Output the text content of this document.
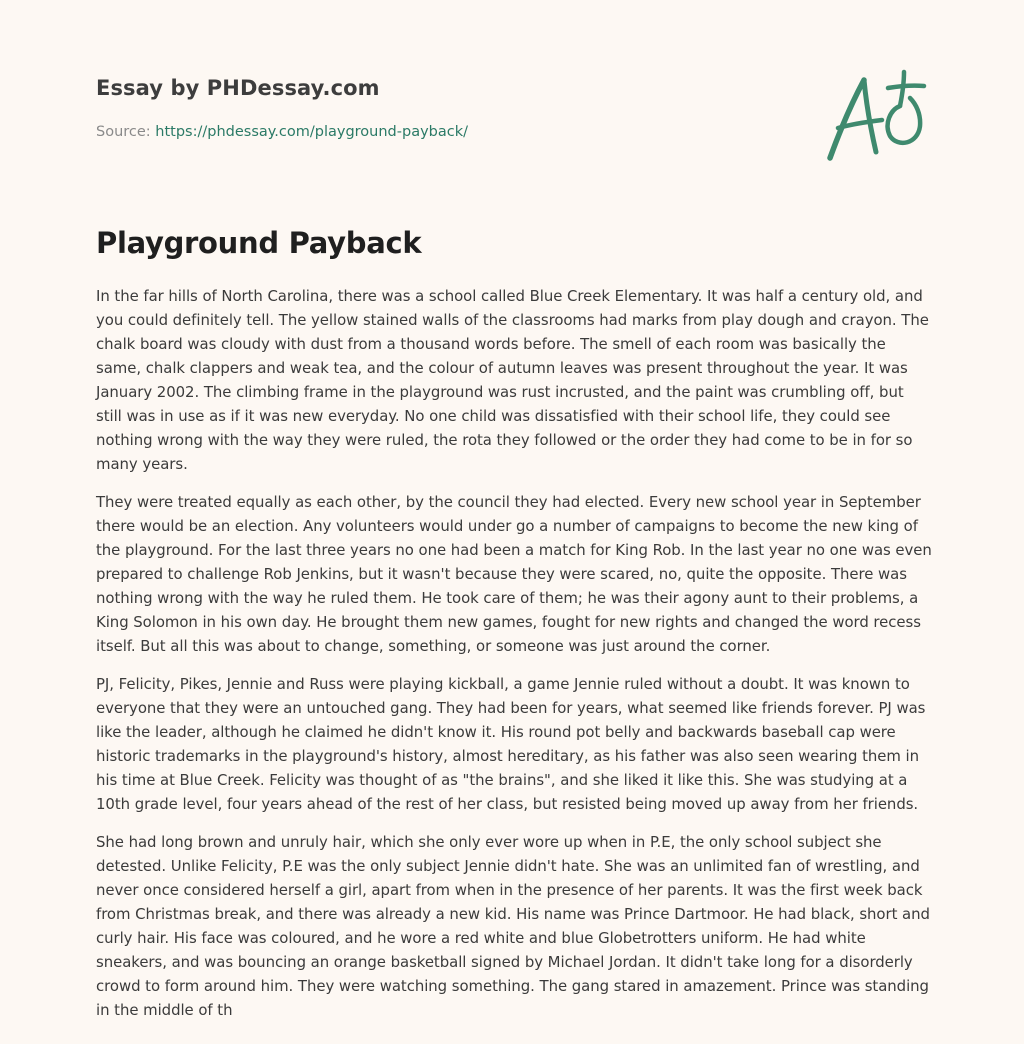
Essay by PHDessay.com

Source: https://phdessay.com/playground-payback/

Playground Payback

In the far hills of North Carolina, there was a school called Blue Creek Elementary. It was half a century old, and you could definitely tell. The yellow stained walls of the classrooms had marks from play dough and crayon. The chalk board was cloudy with dust from a thousand words before. The smell of each room was basically the same, chalk clappers and weak tea, and the colour of autumn leaves was present throughout the year. It was January 2002. The climbing frame in the playground was rust incrusted, and the paint was crumbling off, but still was in use as if it was new everyday. No one child was dissatisfied with their school life, they could see nothing wrong with the way they were ruled, the rota they followed or the order they had come to be in for so many years.

They were treated equally as each other, by the council they had elected. Every new school year in September there would be an election. Any volunteers would under go a number of campaigns to become the new king of the playground. For the last three years no one had been a match for King Rob. In the last year no one was even prepared to challenge Rob Jenkins, but it wasn't because they were scared, no, quite the opposite. There was nothing wrong with the way he ruled them. He took care of them; he was their agony aunt to their problems, a King Solomon in his own day. He brought them new games, fought for new rights and changed the word recess itself. But all this was about to change, something, or someone was just around the corner.

PJ, Felicity, Pikes, Jennie and Russ were playing kickball, a game Jennie ruled without a doubt. It was known to everyone that they were an untouched gang. They had been for years, what seemed like friends forever. PJ was like the leader, although he claimed he didn't know it. His round pot belly and backwards baseball cap were historic trademarks in the playground's history, almost hereditary, as his father was also seen wearing them in his time at Blue Creek. Felicity was thought of as "the brains", and she liked it like this. She was studying at a 10th grade level, four years ahead of the rest of her class, but resisted being moved up away from her friends.

She had long brown and unruly hair, which she only ever wore up when in P.E, the only school subject she detested. Unlike Felicity, P.E was the only subject Jennie didn't hate. She was an unlimited fan of wrestling, and never once considered herself a girl, apart from when in the presence of her parents. It was the first week back from Christmas break, and there was already a new kid. His name was Prince Dartmoor. He had black, short and curly hair. His face was coloured, and he wore a red white and blue Globetrotters uniform. He had white sneakers, and was bouncing an orange basketball signed by Michael Jordan. It didn't take long for a disorderly crowd to form around him. They were watching something. The gang stared in amazement. Prince was standing in the middle of th
